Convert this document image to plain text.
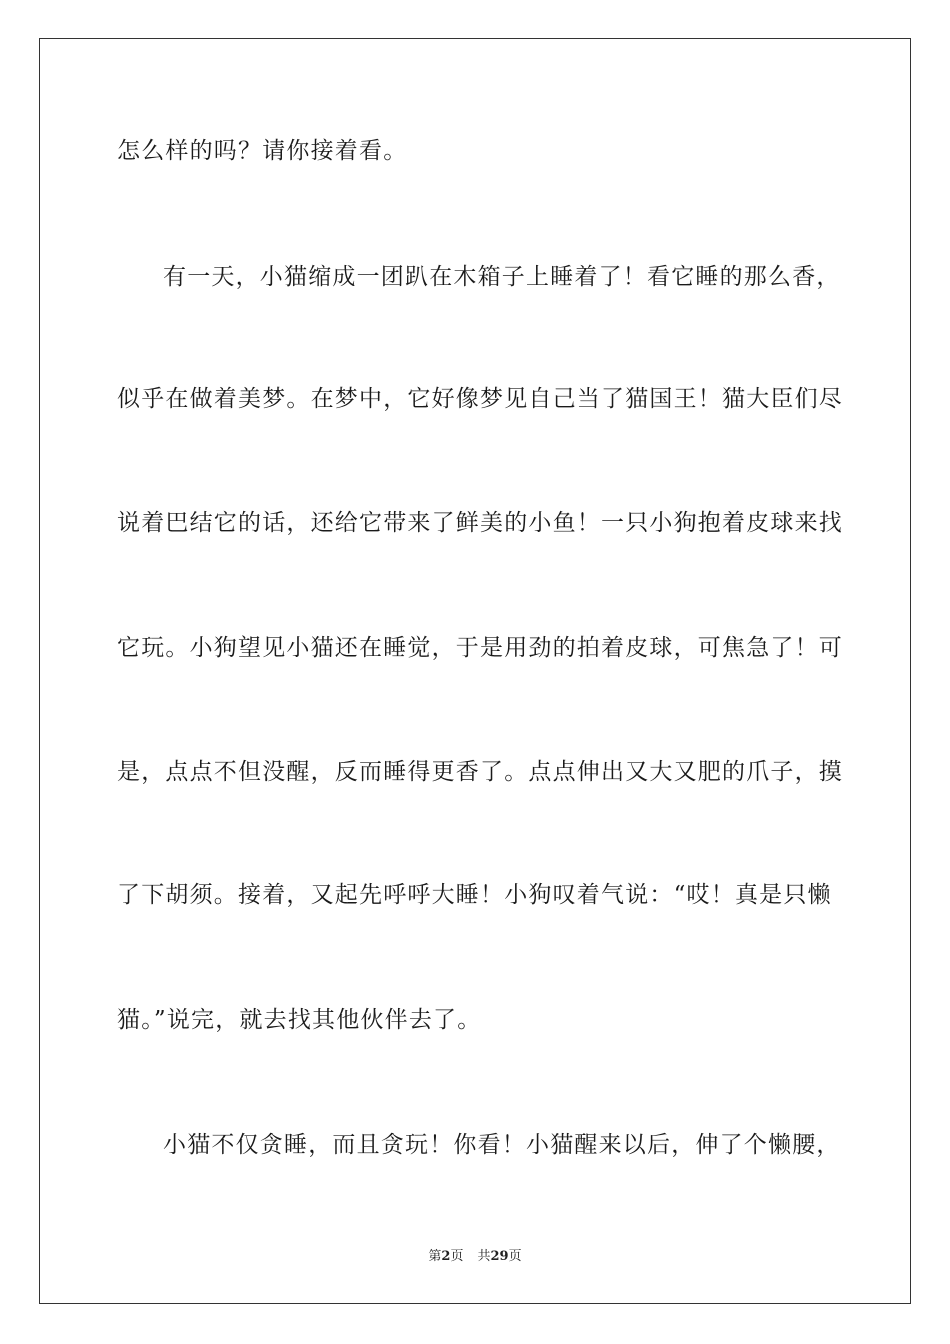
怎么样的吗？请你接着看。
有一天，小猫缩成一团趴在木箱子上睡着了！看它睡的那么香，
似乎在做着美梦。在梦中，它好像梦见自己当了猫国王！猫大臣们尽
说着巴结它的话，还给它带来了鲜美的小鱼！一只小狗抱着皮球来找
它玩。小狗望见小猫还在睡觉，于是用劲的拍着皮球，可焦急了！可
是，点点不但没醒，反而睡得更香了。点点伸出又大又肥的爪子，摸
了下胡须。接着，又起先呼呼大睡！小狗叹着气说：“哎！真是只懒
猫。”说完，就去找其他伙伴去了。
小猫不仅贪睡，而且贪玩！你看！小猫醒来以后，伸了个懒腰，
第2页 共29页
